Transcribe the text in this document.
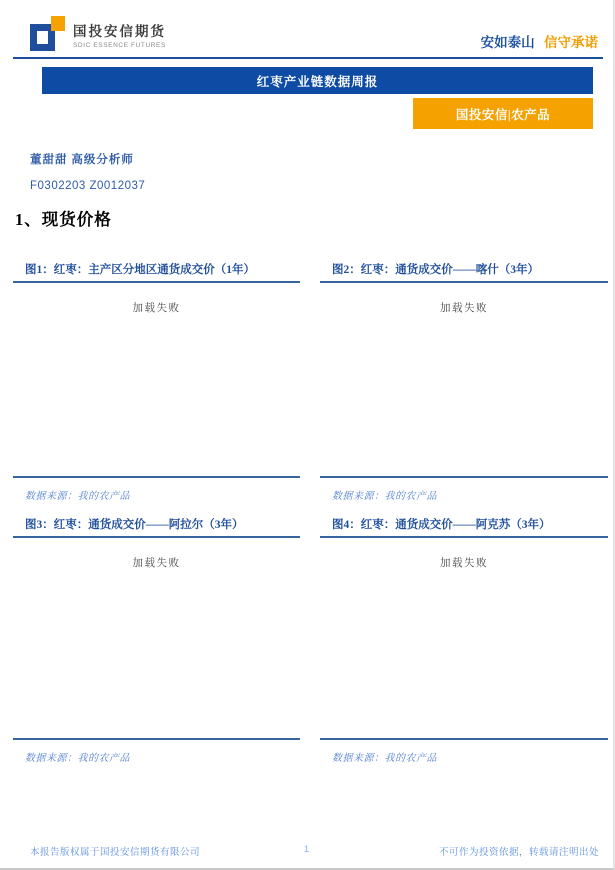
国投安信期货
SDIC ESSENCE FUTURES	安如泰山 信守承诺
红枣产业链数据周报
国投安信|农产品
董甜甜 高级分析师
F0302203 Z0012037
1、现货价格
图1：红枣：主产区分地区通货成交价（1年）
加载失败
数据来源：我的农产品
图2：红枣：通货成交价——喀什（3年）
加载失败
数据来源：我的农产品
图3：红枣：通货成交价——阿拉尔（3年）
加载失败
数据来源：我的农产品
图4：红枣：通货成交价——阿克苏（3年）
加载失败
数据来源：我的农产品
本报告版权属于国投安信期货有限公司	1	不可作为投资依据，转载请注明出处
